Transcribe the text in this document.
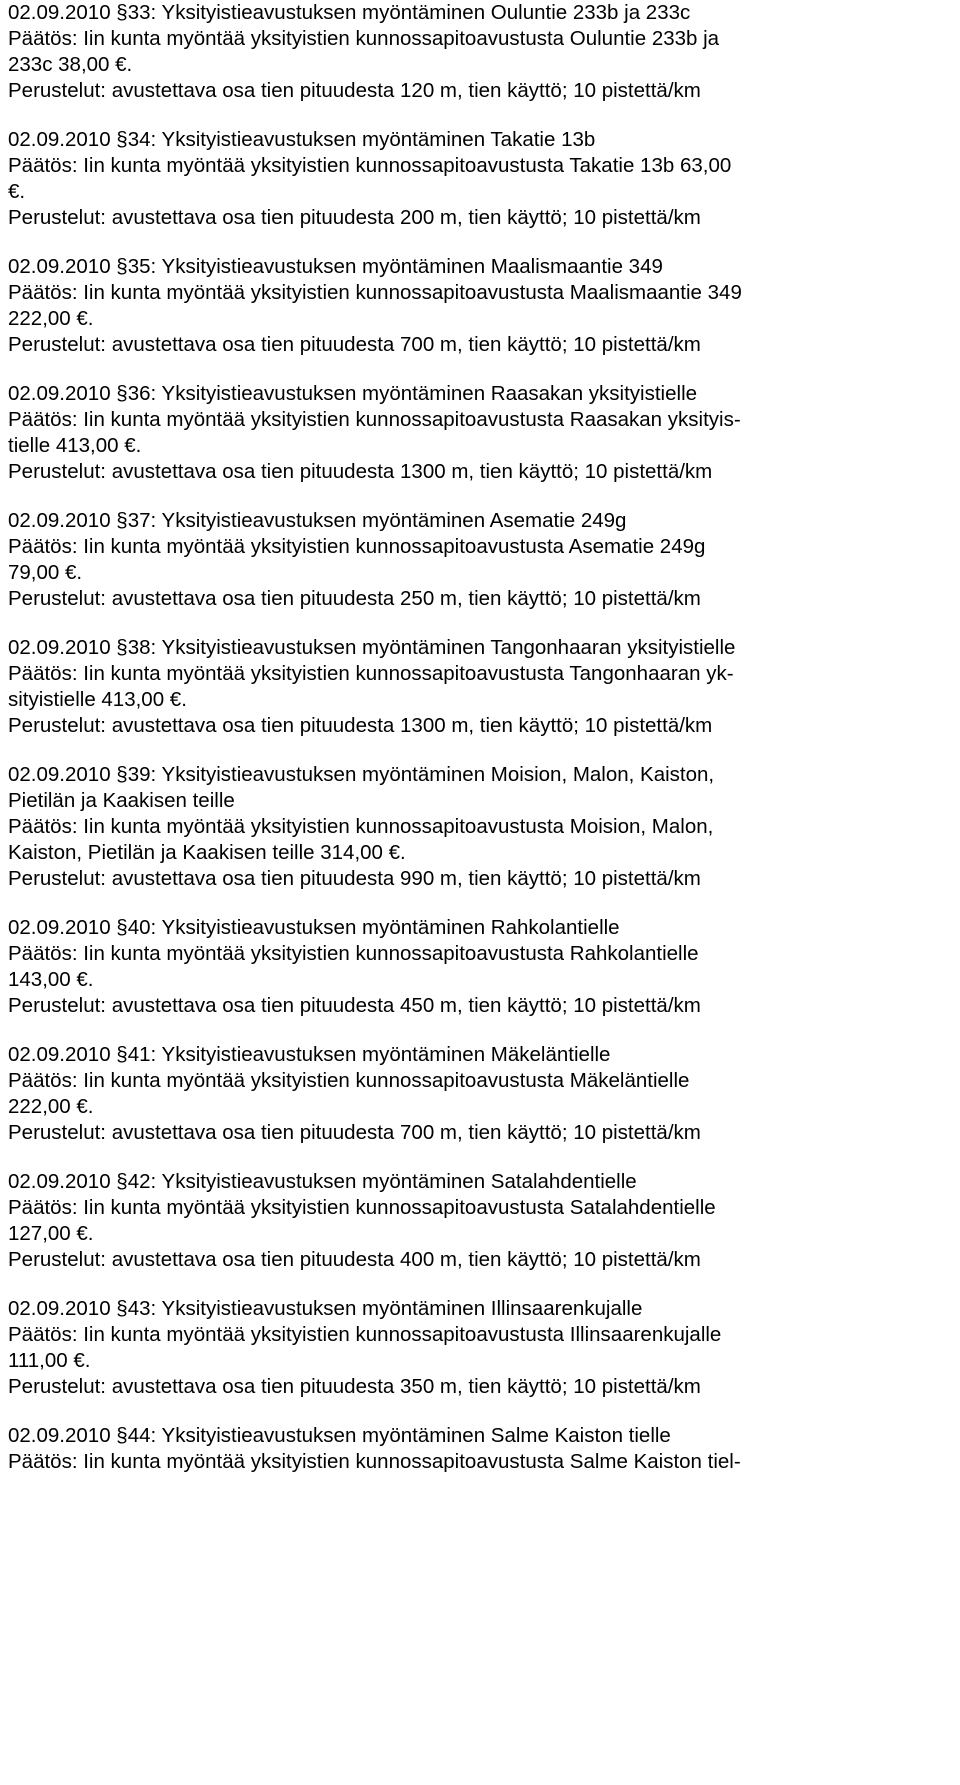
02.09.2010 §33: Yksityistieavustuksen myöntäminen Ouluntie 233b ja 233c
Päätös: Iin kunta myöntää yksityistien kunnossapitoavustusta Ouluntie 233b ja
233c 38,00 €.
Perustelut: avustettava osa tien pituudesta 120 m, tien käyttö; 10 pistettä/km
02.09.2010 §34: Yksityistieavustuksen myöntäminen Takatie 13b
Päätös: Iin kunta myöntää yksityistien kunnossapitoavustusta Takatie 13b 63,00
€.
Perustelut: avustettava osa tien pituudesta 200 m, tien käyttö; 10 pistettä/km
02.09.2010 §35: Yksityistieavustuksen myöntäminen Maalismaantie 349
Päätös: Iin kunta myöntää yksityistien kunnossapitoavustusta Maalismaantie 349
222,00 €.
Perustelut: avustettava osa tien pituudesta 700 m, tien käyttö; 10 pistettä/km
02.09.2010 §36: Yksityistieavustuksen myöntäminen Raasakan yksityistielle
Päätös: Iin kunta myöntää yksityistien kunnossapitoavustusta Raasakan yksityis-
tielle 413,00 €.
Perustelut: avustettava osa tien pituudesta 1300 m, tien käyttö; 10 pistettä/km
02.09.2010 §37: Yksityistieavustuksen myöntäminen Asematie 249g
Päätös: Iin kunta myöntää yksityistien kunnossapitoavustusta Asematie 249g
79,00 €.
Perustelut: avustettava osa tien pituudesta 250 m, tien käyttö; 10 pistettä/km
02.09.2010 §38: Yksityistieavustuksen myöntäminen Tangonhaaran yksityistielle
Päätös: Iin kunta myöntää yksityistien kunnossapitoavustusta Tangonhaaran yk-
sityistielle 413,00 €.
Perustelut: avustettava osa tien pituudesta 1300 m, tien käyttö; 10 pistettä/km
02.09.2010 §39: Yksityistieavustuksen myöntäminen Moision, Malon, Kaiston,
Pietilän ja Kaakisen teille
Päätös: Iin kunta myöntää yksityistien kunnossapitoavustusta Moision, Malon,
Kaiston, Pietilän ja Kaakisen teille 314,00 €.
Perustelut: avustettava osa tien pituudesta 990 m, tien käyttö; 10 pistettä/km
02.09.2010 §40: Yksityistieavustuksen myöntäminen Rahkolantielle
Päätös: Iin kunta myöntää yksityistien kunnossapitoavustusta Rahkolantielle
143,00 €.
Perustelut: avustettava osa tien pituudesta 450 m, tien käyttö; 10 pistettä/km
02.09.2010 §41: Yksityistieavustuksen myöntäminen Mäkeläntielle
Päätös: Iin kunta myöntää yksityistien kunnossapitoavustusta Mäkeläntielle
222,00 €.
Perustelut: avustettava osa tien pituudesta 700 m, tien käyttö; 10 pistettä/km
02.09.2010 §42: Yksityistieavustuksen myöntäminen Satalahdentielle
Päätös: Iin kunta myöntää yksityistien kunnossapitoavustusta Satalahdentielle
127,00 €.
Perustelut: avustettava osa tien pituudesta 400 m, tien käyttö; 10 pistettä/km
02.09.2010 §43: Yksityistieavustuksen myöntäminen Illinsaarenkujalle
Päätös: Iin kunta myöntää yksityistien kunnossapitoavustusta Illinsaarenkujalle
111,00 €.
Perustelut: avustettava osa tien pituudesta 350 m, tien käyttö; 10 pistettä/km
02.09.2010 §44: Yksityistieavustuksen myöntäminen Salme Kaiston tielle
Päätös: Iin kunta myöntää yksityistien kunnossapitoavustusta Salme Kaiston tiel-
